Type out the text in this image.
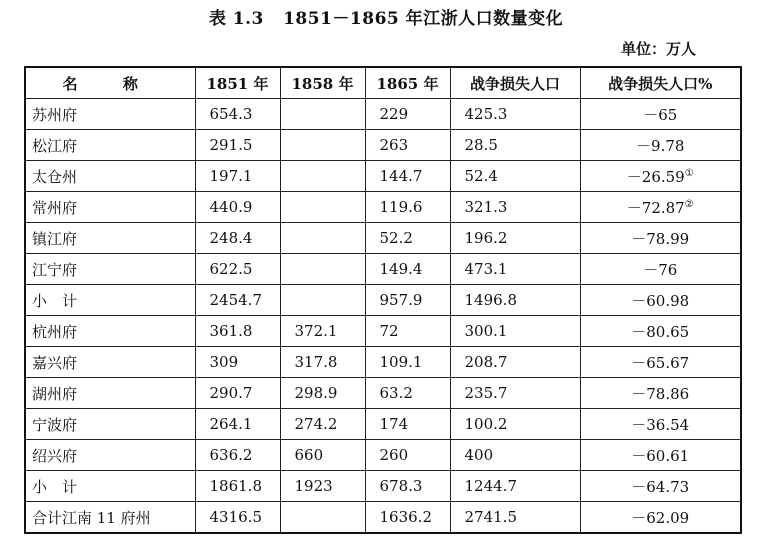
表 1.3   1851－1865 年江浙人口数量变化
单位：万人
名 称	1851 年	1858 年	1865 年	战争损失人口	战争损失人口%
苏州府	654.3		229	425.3	－65
松江府	291.5		263	28.5	－9.78
太仓州	197.1		144.7	52.4	－26.59①
常州府	440.9		119.6	321.3	－72.87②
镇江府	248.4		52.2	196.2	－78.99
江宁府	622.5		149.4	473.1	－76
小　计	2454.7		957.9	1496.8	－60.98
杭州府	361.8	372.1	72	300.1	－80.65
嘉兴府	309	317.8	109.1	208.7	－65.67
湖州府	290.7	298.9	63.2	235.7	－78.86
宁波府	264.1	274.2	174	100.2	－36.54
绍兴府	636.2	660	260	400	－60.61
小　计	1861.8	1923	678.3	1244.7	－64.73
合计江南 11 府州	4316.5		1636.2	2741.5	－62.09
